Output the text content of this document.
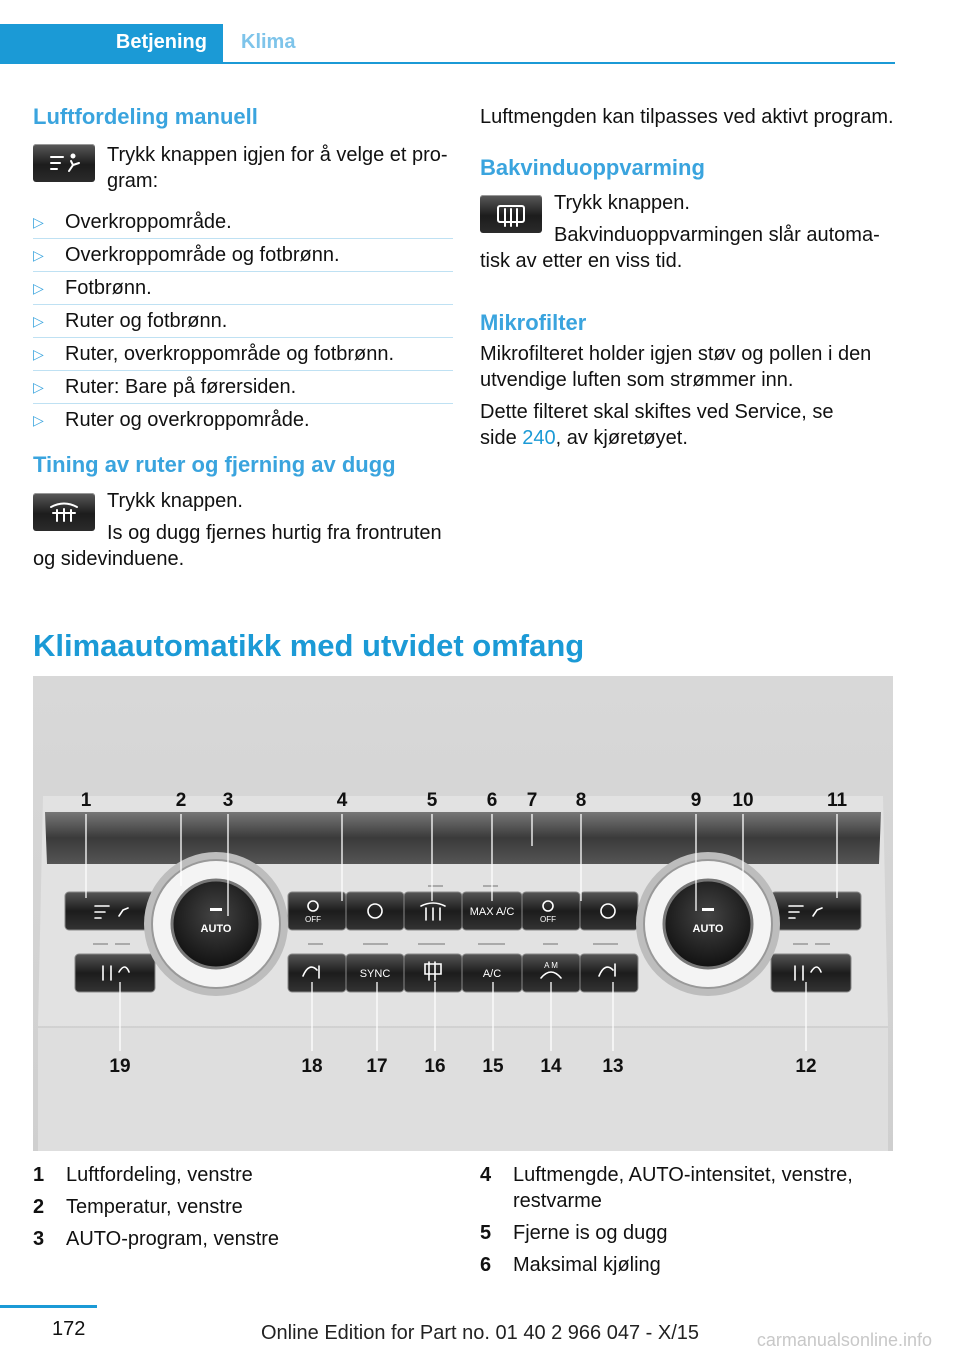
Betjening	Klima
Luftfordeling manuell
Trykk knappen igjen for å velge et pro-
gram:
▷ Overkroppområde.
▷ Overkroppområde og fotbrønn.
▷ Fotbrønn.
▷ Ruter og fotbrønn.
▷ Ruter, overkroppområde og fotbrønn.
▷ Ruter: Bare på førersiden.
▷ Ruter og overkroppområde.
Tining av ruter og fjerning av dugg
Trykk knappen.
Is og dugg fjernes hurtig fra frontruten
og sidevinduene.
Luftmengden kan tilpasses ved aktivt program.
Bakvinduoppvarming
Trykk knappen.
Bakvinduoppvarmingen slår automa-
tisk av etter en viss tid.
Mikrofilter
Mikrofilteret holder igjen støv og pollen i den utvendige luften som strømmer inn.
Dette filteret skal skiftes ved Service, se
side 240, av kjøretøyet.
Klimaautomatikk med utvidet omfang
AUTO	AUTO
OFF
MAX A/C
OFF
SYNC	A/C
A M
1	2 3	4	5	6 7 8	9 10	11
19	18 17 16 15 14 13	12
1	Luftfordeling, venstre
2	Temperatur, venstre
3	AUTO-program, venstre
4	Luftmengde, AUTO-intensitet, venstre, restvarme
5	Fjerne is og dugg
6	Maksimal kjøling
172	Online Edition for Part no. 01 40 2 966 047 - X/15	carmanualsonline.info
